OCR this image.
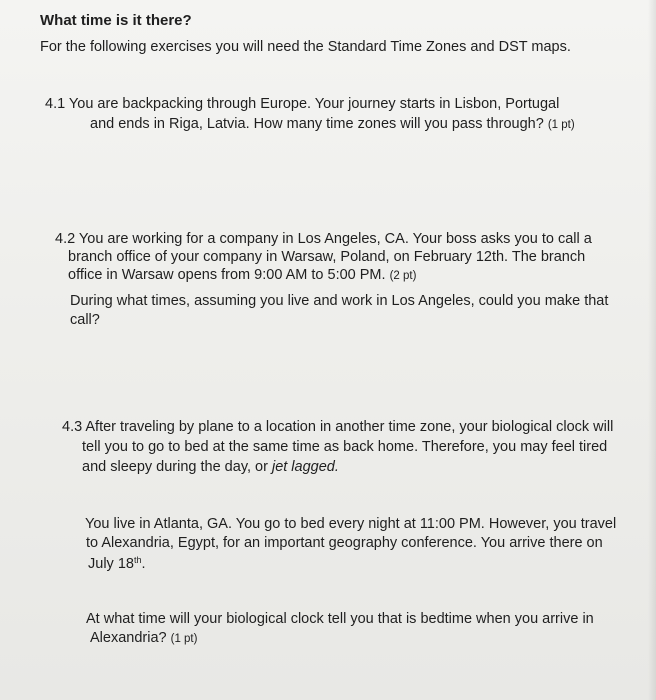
What time is it there?
For the following exercises you will need the Standard Time Zones and DST maps.
4.1 You are backpacking through Europe. Your journey starts in Lisbon, Portugal
and ends in Riga, Latvia. How many time zones will you pass through? (1 pt)
4.2 You are working for a company in Los Angeles, CA. Your boss asks you to call a
branch office of your company in Warsaw, Poland, on February 12th. The branch
office in Warsaw opens from 9:00 AM to 5:00 PM. (2 pt)
During what times, assuming you live and work in Los Angeles, could you make that
call?
4.3 After traveling by plane to a location in another time zone, your biological clock will
tell you to go to bed at the same time as back home. Therefore, you may feel tired
and sleepy during the day, or jet lagged.
You live in Atlanta, GA. You go to bed every night at 11:00 PM. However, you travel
to Alexandria, Egypt, for an important geography conference. You arrive there on
July 18th.
At what time will your biological clock tell you that is bedtime when you arrive in
Alexandria? (1 pt)
